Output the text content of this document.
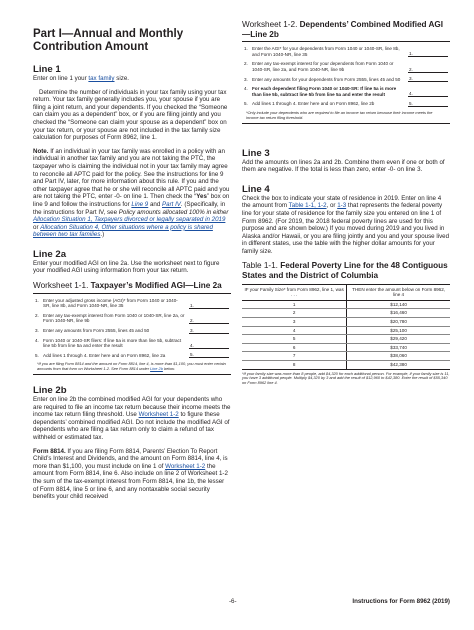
Part I—Annual and Monthly Contribution Amount
Line 1
Enter on line 1 your tax family size.
Determine the number of individuals in your tax family using your tax return. Your tax family generally includes you, your spouse if you are filing a joint return, and your dependents. If you checked the “Someone can claim you as a dependent” box, or if you are filing jointly and you checked the “Someone can claim your spouse as a dependent” box on your tax return, or your spouse are not included in the tax family size calculation for purposes of Form 8962, line 1.
Note. If an individual in your tax family was enrolled in a policy with an individual in another tax family and you are not taking the PTC, the taxpayer who is claiming the individual not in your tax family may agree to reconcile all APTC paid for the policy. See the instructions for line 9 and Part IV, later, for more information about this rule. If you and the other taxpayer agree that he or she will reconcile all APTC paid and you are not taking the PTC, enter -0- on line 1. Then check the “Yes” box on line 9 and follow the instructions for Line 9 and Part IV. (Specifically, in the instructions for Part IV, see Policy amounts allocated 100% in either Allocation Situation 1, Taxpayers divorced or legally separated in 2019 or Allocation Situation 4, Other situations where a policy is shared between two tax families.)
Line 2a
Enter your modified AGI on line 2a. Use the worksheet next to figure your modified AGI using information from your tax return.
Worksheet 1-1. Taxpayer’s Modified AGI—Line 2a
1. Enter your adjusted gross income (AGI)* from Form 1040 or 1040-SR, line 8b, and Form 1040-NR, line 35	1.
2. Enter any tax-exempt interest from Form 1040 or 1040-SR, line 2a, or Form 1040-NR, line 9b	2.
3. Enter any amounts from Form 2555, lines 45 and 50	3.
4. Form 1040 or 1040-SR filers: If line 5a is more than line 5b, subtract line 5b from line 5a and enter the result	4.
5. Add lines 1 through 4. Enter here and on Form 8962, line 2a	5.
*If you are filing Form 8814 and the amount on Form 8814, line 4, is more than $1,100, you must enter certain amounts from that form on Worksheet 1-2. See Form 8814 under Line 2b below.
Line 2b
Enter on line 2b the combined modified AGI for your dependents who are required to file an income tax return because their income meets the income tax return filing threshold. Use Worksheet 1-2 to figure these dependents’ combined modified AGI. Do not include the modified AGI of dependents who are filing a tax return only to claim a refund of tax withheld or estimated tax.
Form 8814. If you are filing Form 8814, Parents’ Election To Report Child’s Interest and Dividends, and the amount on Form 8814, line 4, is more than $1,100, you must include on line 1 of Worksheet 1-2 the amount from Form 8814, line 6. Also include on line 2 of Worksheet 1-2 the sum of the tax-exempt interest from Form 8814, line 1b, the lesser of Form 8814, line 5 or line 6, and any nontaxable social security benefits your child received
Worksheet 1-2. Dependents’ Combined Modified AGI—Line 2b
1. Enter the AGI* for your dependents from Form 1040 or 1040-SR, line 8b, and Form 1040-NR, line 35	1.
2. Enter any tax-exempt interest for your dependents from Form 1040 or 1040-SR, line 2a, and Form 1040-NR, line 9b	2.
3. Enter any amounts for your dependents from Form 2555, lines 45 and 50 3.
4. For each dependent filing Form 1040 or 1040-SR: If line 5a is more than line 5b, subtract line 5b from line 5a and enter the result	4.
5. Add lines 1 through 4. Enter here and on Form 8962, line 2b	5.
*Only include your dependents who are required to file an income tax return because their income meets the income tax return filing threshold.
Line 3
Add the amounts on lines 2a and 2b. Combine them even if one or both of them are negative. If the total is less than zero, enter -0- on line 3.
Line 4
Check the box to indicate your state of residence in 2019. Enter on line 4 the amount from Table 1-1, 1-2, or 1-3 that represents the federal poverty line for your state of residence for the family size you entered on line 1 of Form 8962. (For 2019, the 2018 federal poverty lines are used for this purpose and are shown below.) If you moved during 2019 and you lived in Alaska and/or Hawaii, or you are filing jointly and you and your spouse lived in different states, use the table with the higher dollar amounts for your family size.
Table 1-1. Federal Poverty Line for the 48 Contiguous States and the District of Columbia
IF your Family Size* from Form 8962, line 1, was . . .	THEN enter the amount below on Form 8962, line 4
1	$12,140
2	$16,460
3	$20,780
4	$25,100
5	$29,420
6	$33,740
7	$38,060
8	$42,380
*If your family size was more than 8 people, add $4,320 for each additional person. For example, if your family size is 11, you have 3 additional people. Multiply $4,320 by 3 and add the result of $12,960 to $42,380. Enter the result of $55,340 on Form 8962 line 4.
-6-	Instructions for Form 8962 (2019)
